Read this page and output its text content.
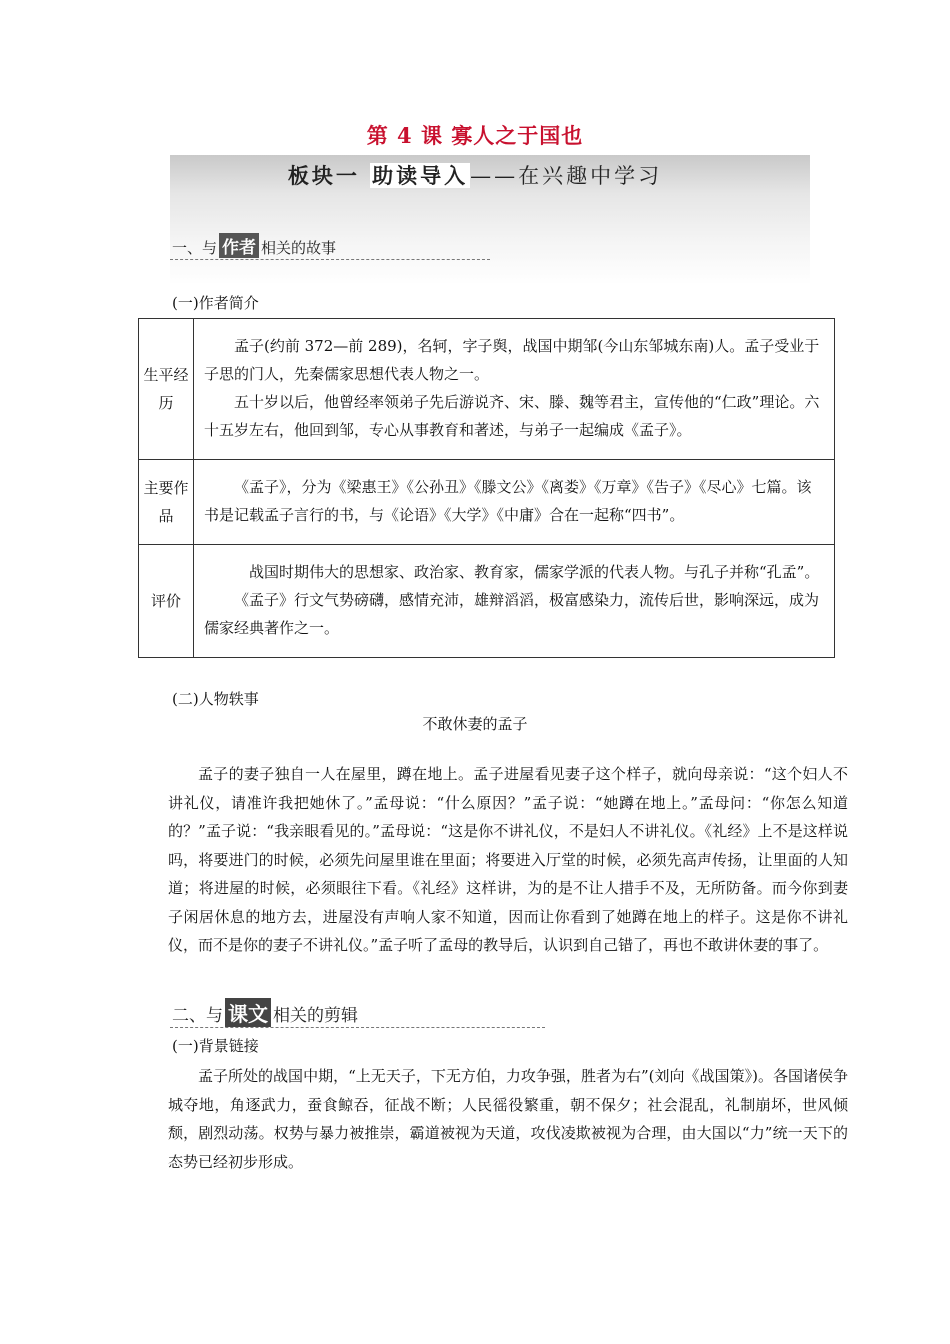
第 4 课 寡人之于国也
板块一 助读导入——在兴趣中学习
一、与 作者 相关的故事
(一)作者简介
生平经历	孟子(约前 372—前 289)，名轲，字子舆，战国中期邹(今山东邹城东南)人。孟子受业于子思的门人，先秦儒家思想代表人物之一。

五十岁以后，他曾经率领弟子先后游说齐、宋、滕、魏等君主，宣传他的“仁政”理论。六十五岁左右，他回到邹，专心从事教育和著述，与弟子一起编成《孟子》。

主要作品	《孟子》，分为《梁惠王》《公孙丑》《滕文公》《离娄》《万章》《告子》《尽心》七篇。该书是记载孟子言行的书，与《论语》《大学》《中庸》合在一起称“四书”。

评价	战国时期伟大的思想家、政治家、教育家，儒家学派的代表人物。与孔子并称“孔孟”。

《孟子》行文气势磅礴，感情充沛，雄辩滔滔，极富感染力，流传后世，影响深远，成为儒家经典著作之一。

(二)人物轶事
不敢休妻的孟子

孟子的妻子独自一人在屋里，蹲在地上。孟子进屋看见妻子这个样子，就向母亲说：“这个妇人不讲礼仪，请准许我把她休了。”孟母说：“什么原因？”孟子说：“她蹲在地上。”孟母问：“你怎么知道的？”孟子说：“我亲眼看见的。”孟母说：“这是你不讲礼仪，不是妇人不讲礼仪。《礼经》上不是这样说吗，将要进门的时候，必须先问屋里谁在里面；将要进入厅堂的时候，必须先高声传扬，让里面的人知道；将进屋的时候，必须眼往下看。《礼经》这样讲，为的是不让人措手不及，无所防备。而今你到妻子闲居休息的地方去，进屋没有声响人家不知道，因而让你看到了她蹲在地上的样子。这是你不讲礼仪，而不是你的妻子不讲礼仪。”孟子听了孟母的教导后，认识到自己错了，再也不敢讲休妻的事了。

二、与 课文 相关的剪辑
(一)背景链接

孟子所处的战国中期，“上无天子，下无方伯，力攻争强，胜者为右”(刘向《战国策》)。各国诸侯争城夺地，角逐武力，蚕食鲸吞，征战不断；人民徭役繁重，朝不保夕；社会混乱，礼制崩坏，世风倾颓，剧烈动荡。权势与暴力被推崇，霸道被视为天道，攻伐凌欺被视为合理，由大国以“力”统一天下的态势已经初步形成。
